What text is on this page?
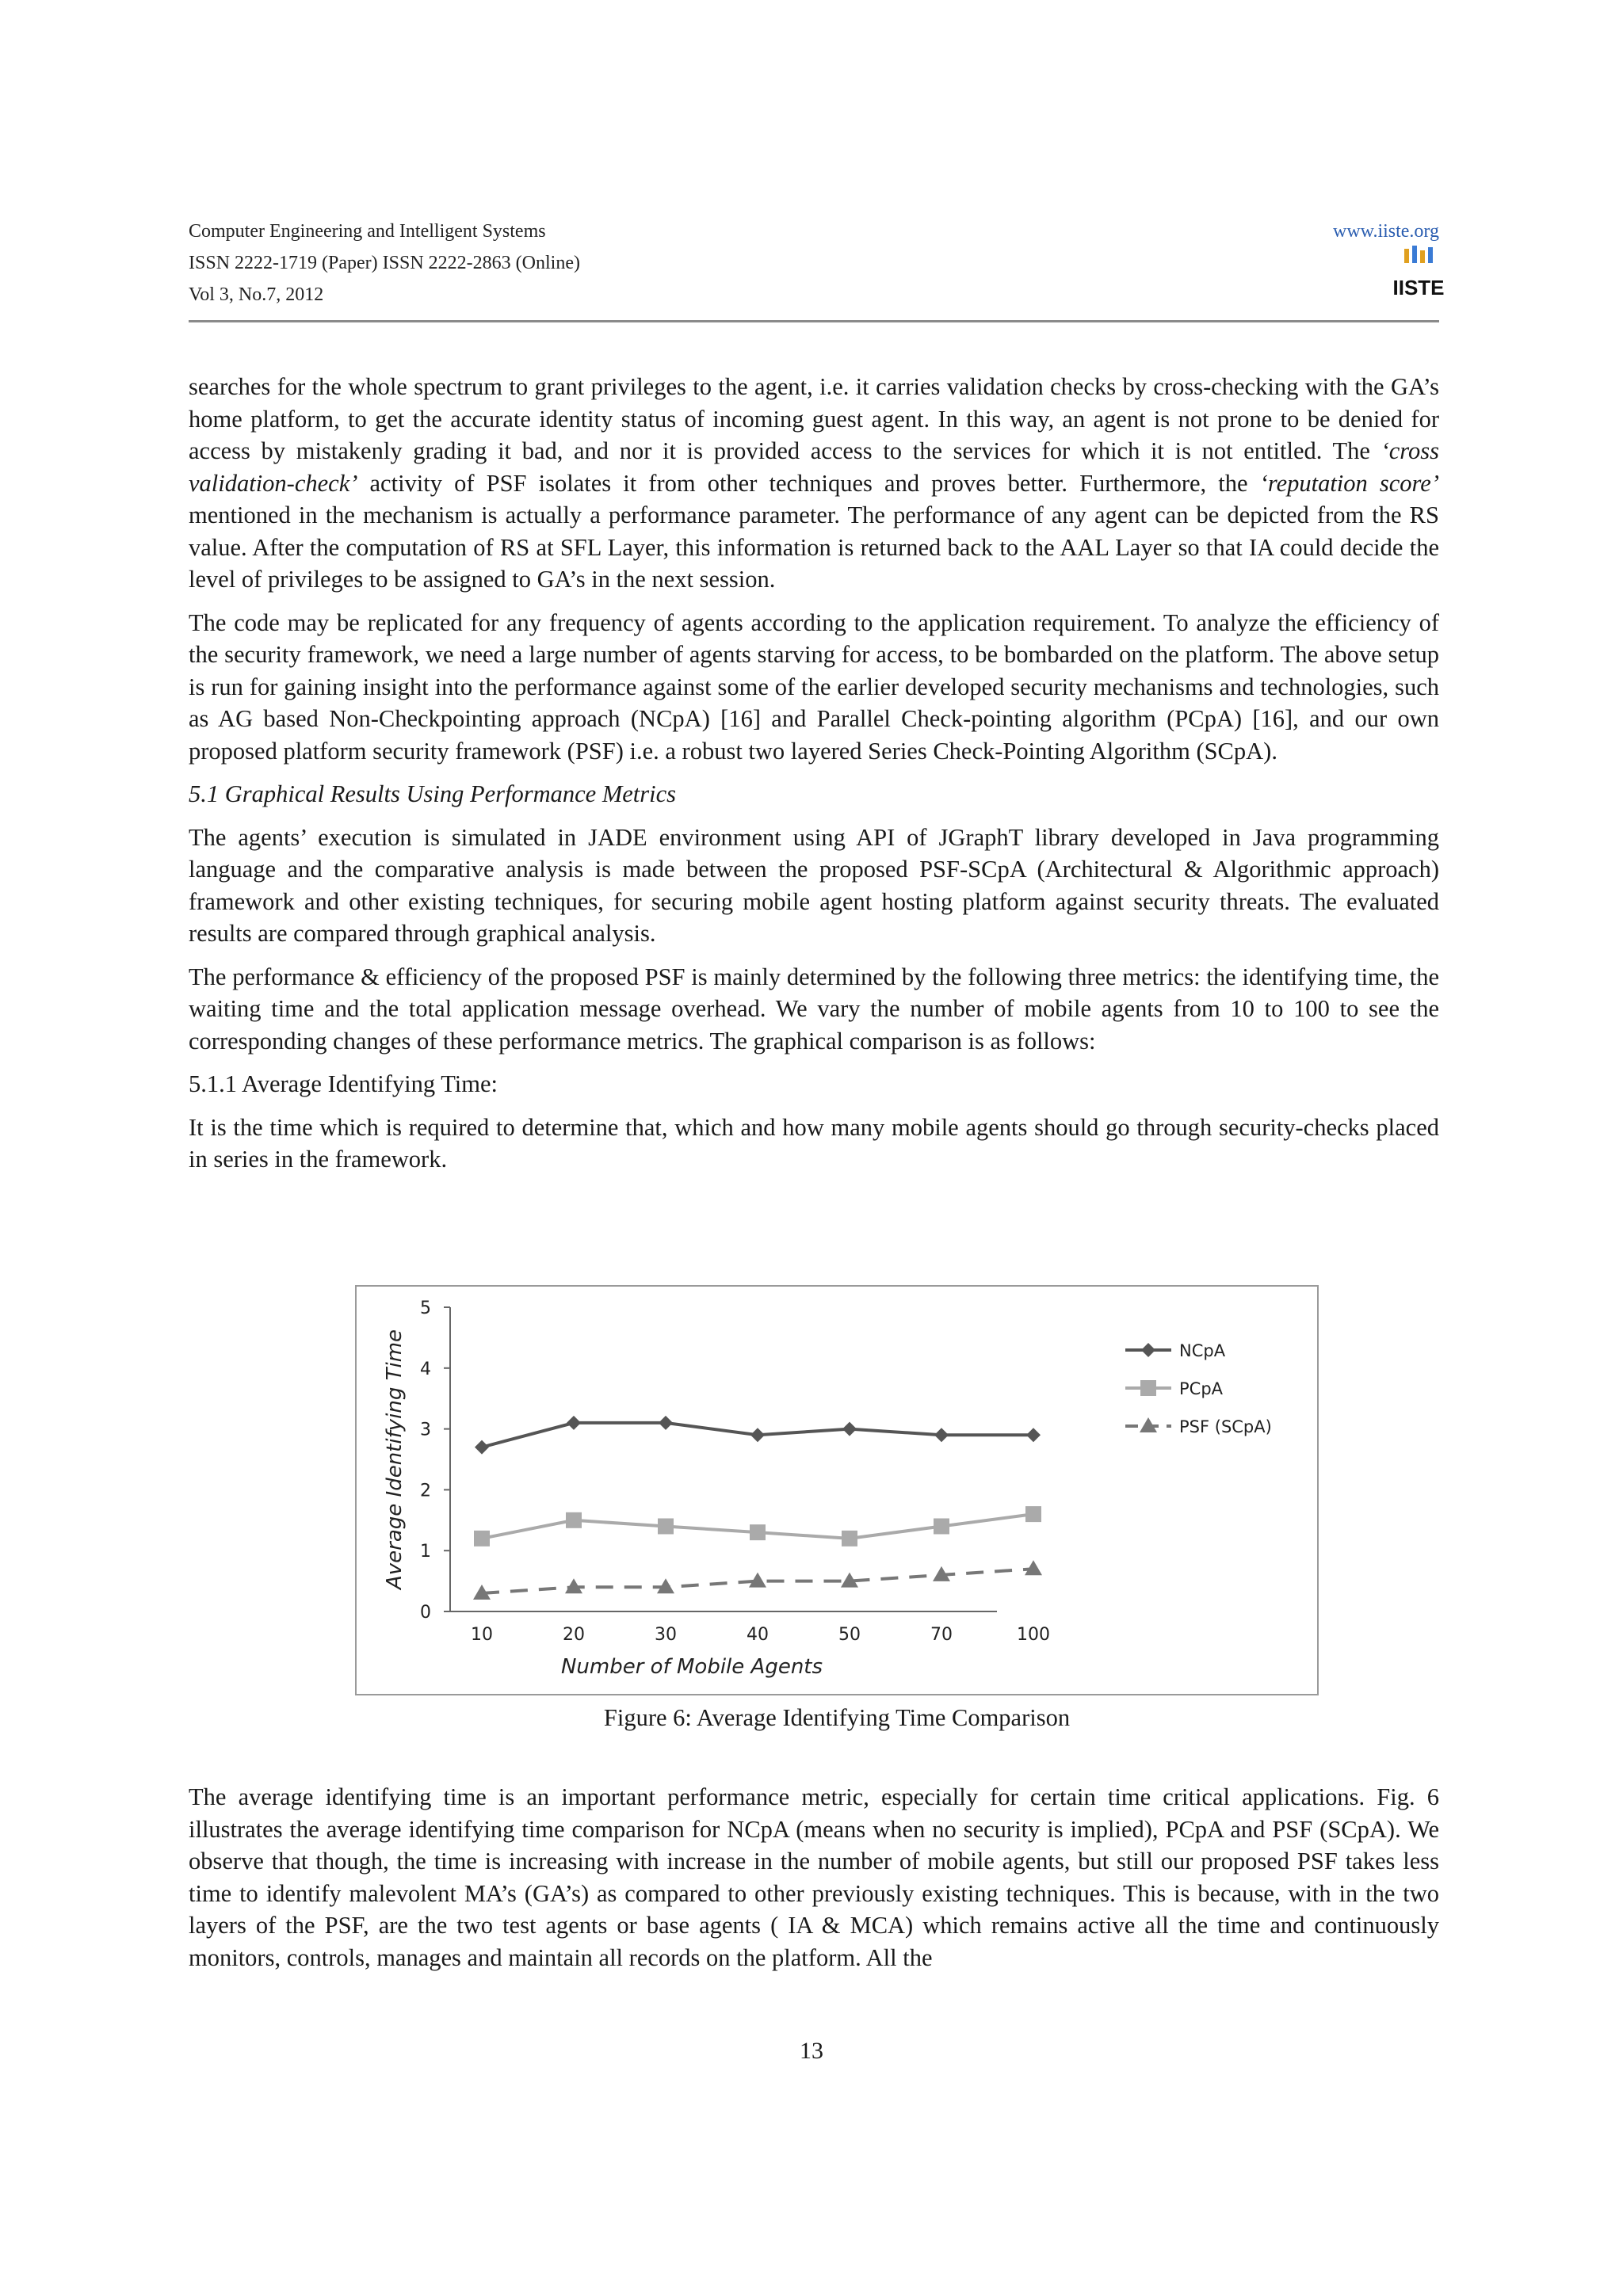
Computer Engineering and Intelligent Systems
ISSN 2222-1719 (Paper) ISSN 2222-2863 (Online)
Vol 3, No.7, 2012
www.iiste.org
IISTE

searches for the whole spectrum to grant privileges to the agent, i.e. it carries validation checks by cross-checking with the GA’s home platform, to get the accurate identity status of incoming guest agent. In this way, an agent is not prone to be denied for access by mistakenly grading it bad, and nor it is provided access to the services for which it is not entitled. The ‘cross validation-check’ activity of PSF isolates it from other techniques and proves better. Furthermore, the ‘reputation score’ mentioned in the mechanism is actually a performance parameter. The performance of any agent can be depicted from the RS value. After the computation of RS at SFL Layer, this information is returned back to the AAL Layer so that IA could decide the level of privileges to be assigned to GA’s in the next session.

The code may be replicated for any frequency of agents according to the application requirement. To analyze the efficiency of the security framework, we need a large number of agents starving for access, to be bombarded on the platform. The above setup is run for gaining insight into the performance against some of the earlier developed security mechanisms and technologies, such as AG based Non-Checkpointing approach (NCpA) [16] and Parallel Check-pointing algorithm (PCpA) [16], and our own proposed platform security framework (PSF) i.e. a robust two layered Series Check-Pointing Algorithm (SCpA).

5.1 Graphical Results Using Performance Metrics

The agents’ execution is simulated in JADE environment using API of JGraphT library developed in Java programming language and the comparative analysis is made between the proposed PSF-SCpA (Architectural & Algorithmic approach) framework and other existing techniques, for securing mobile agent hosting platform against security threats. The evaluated results are compared through graphical analysis.

The performance & efficiency of the proposed PSF is mainly determined by the following three metrics: the identifying time, the waiting time and the total application message overhead. We vary the number of mobile agents from 10 to 100 to see the corresponding changes of these performance metrics. The graphical comparison is as follows:

5.1.1 Average Identifying Time:

It is the time which is required to determine that, which and how many mobile agents should go through security-checks placed in series in the framework.

0
1
2
3
4
5
10	20	30	40	50	70	100
NCpA
PCpA
PSF (SCpA)
Average Identifying Time
Number of Mobile Agents
Figure 6: Average Identifying Time Comparison

The average identifying time is an important performance metric, especially for certain time critical applications. Fig. 6 illustrates the average identifying time comparison for NCpA (means when no security is implied), PCpA and PSF (SCpA). We observe that though, the time is increasing with increase in the number of mobile agents, but still our proposed PSF takes less time to identify malevolent MA’s (GA’s) as compared to other previously existing techniques. This is because, with in the two layers of the PSF, are the two test agents or base agents ( IA & MCA) which remains active all the time and continuously monitors, controls, manages and maintain all records on the platform. All the

13
